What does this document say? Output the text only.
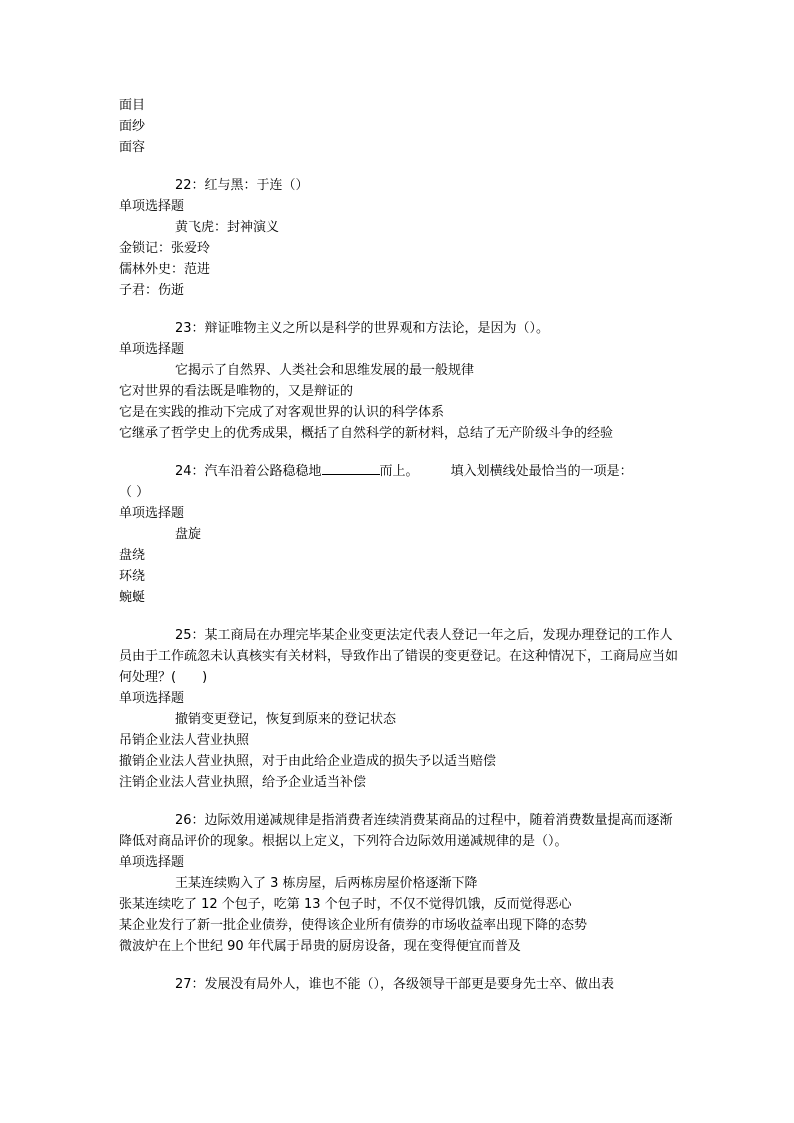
面目
面纱
面容
22：红与黑：于连（）
单项选择题
黄飞虎：封神演义
金锁记：张爱玲
儒林外史：范进
子君：伤逝
23：辩证唯物主义之所以是科学的世界观和方法论，是因为（）。
单项选择题
它揭示了自然界、人类社会和思维发展的最一般规律
它对世界的看法既是唯物的，又是辩证的
它是在实践的推动下完成了对客观世界的认识的科学体系
它继承了哲学史上的优秀成果，概括了自然科学的新材料，总结了无产阶级斗争的经验
24：汽车沿着公路稳稳地	而上。 填入划横线处最恰当的一项是：
（ ）
单项选择题
盘旋
盘绕
环绕
蜿蜒
25：某工商局在办理完毕某企业变更法定代表人登记一年之后，发现办理登记的工作人员由于工作疏忽未认真核实有关材料，导致作出了错误的变更登记。在这种情况下，工商局应当如何处理？(　　)
单项选择题
撤销变更登记，恢复到原来的登记状态
吊销企业法人营业执照
撤销企业法人营业执照，对于由此给企业造成的损失予以适当赔偿
注销企业法人营业执照，给予企业适当补偿
26：边际效用递减规律是指消费者连续消费某商品的过程中，随着消费数量提高而逐渐降低对商品评价的现象。根据以上定义，下列符合边际效用递减规律的是（）。
单项选择题
王某连续购入了 3 栋房屋，后两栋房屋价格逐渐下降
张某连续吃了 12 个包子，吃第 13 个包子时，不仅不觉得饥饿，反而觉得恶心
某企业发行了新一批企业债券，使得该企业所有债券的市场收益率出现下降的态势
微波炉在上个世纪 90 年代属于昂贵的厨房设备，现在变得便宜而普及
27：发展没有局外人，谁也不能（），各级领导干部更是要身先士卒、做出表
